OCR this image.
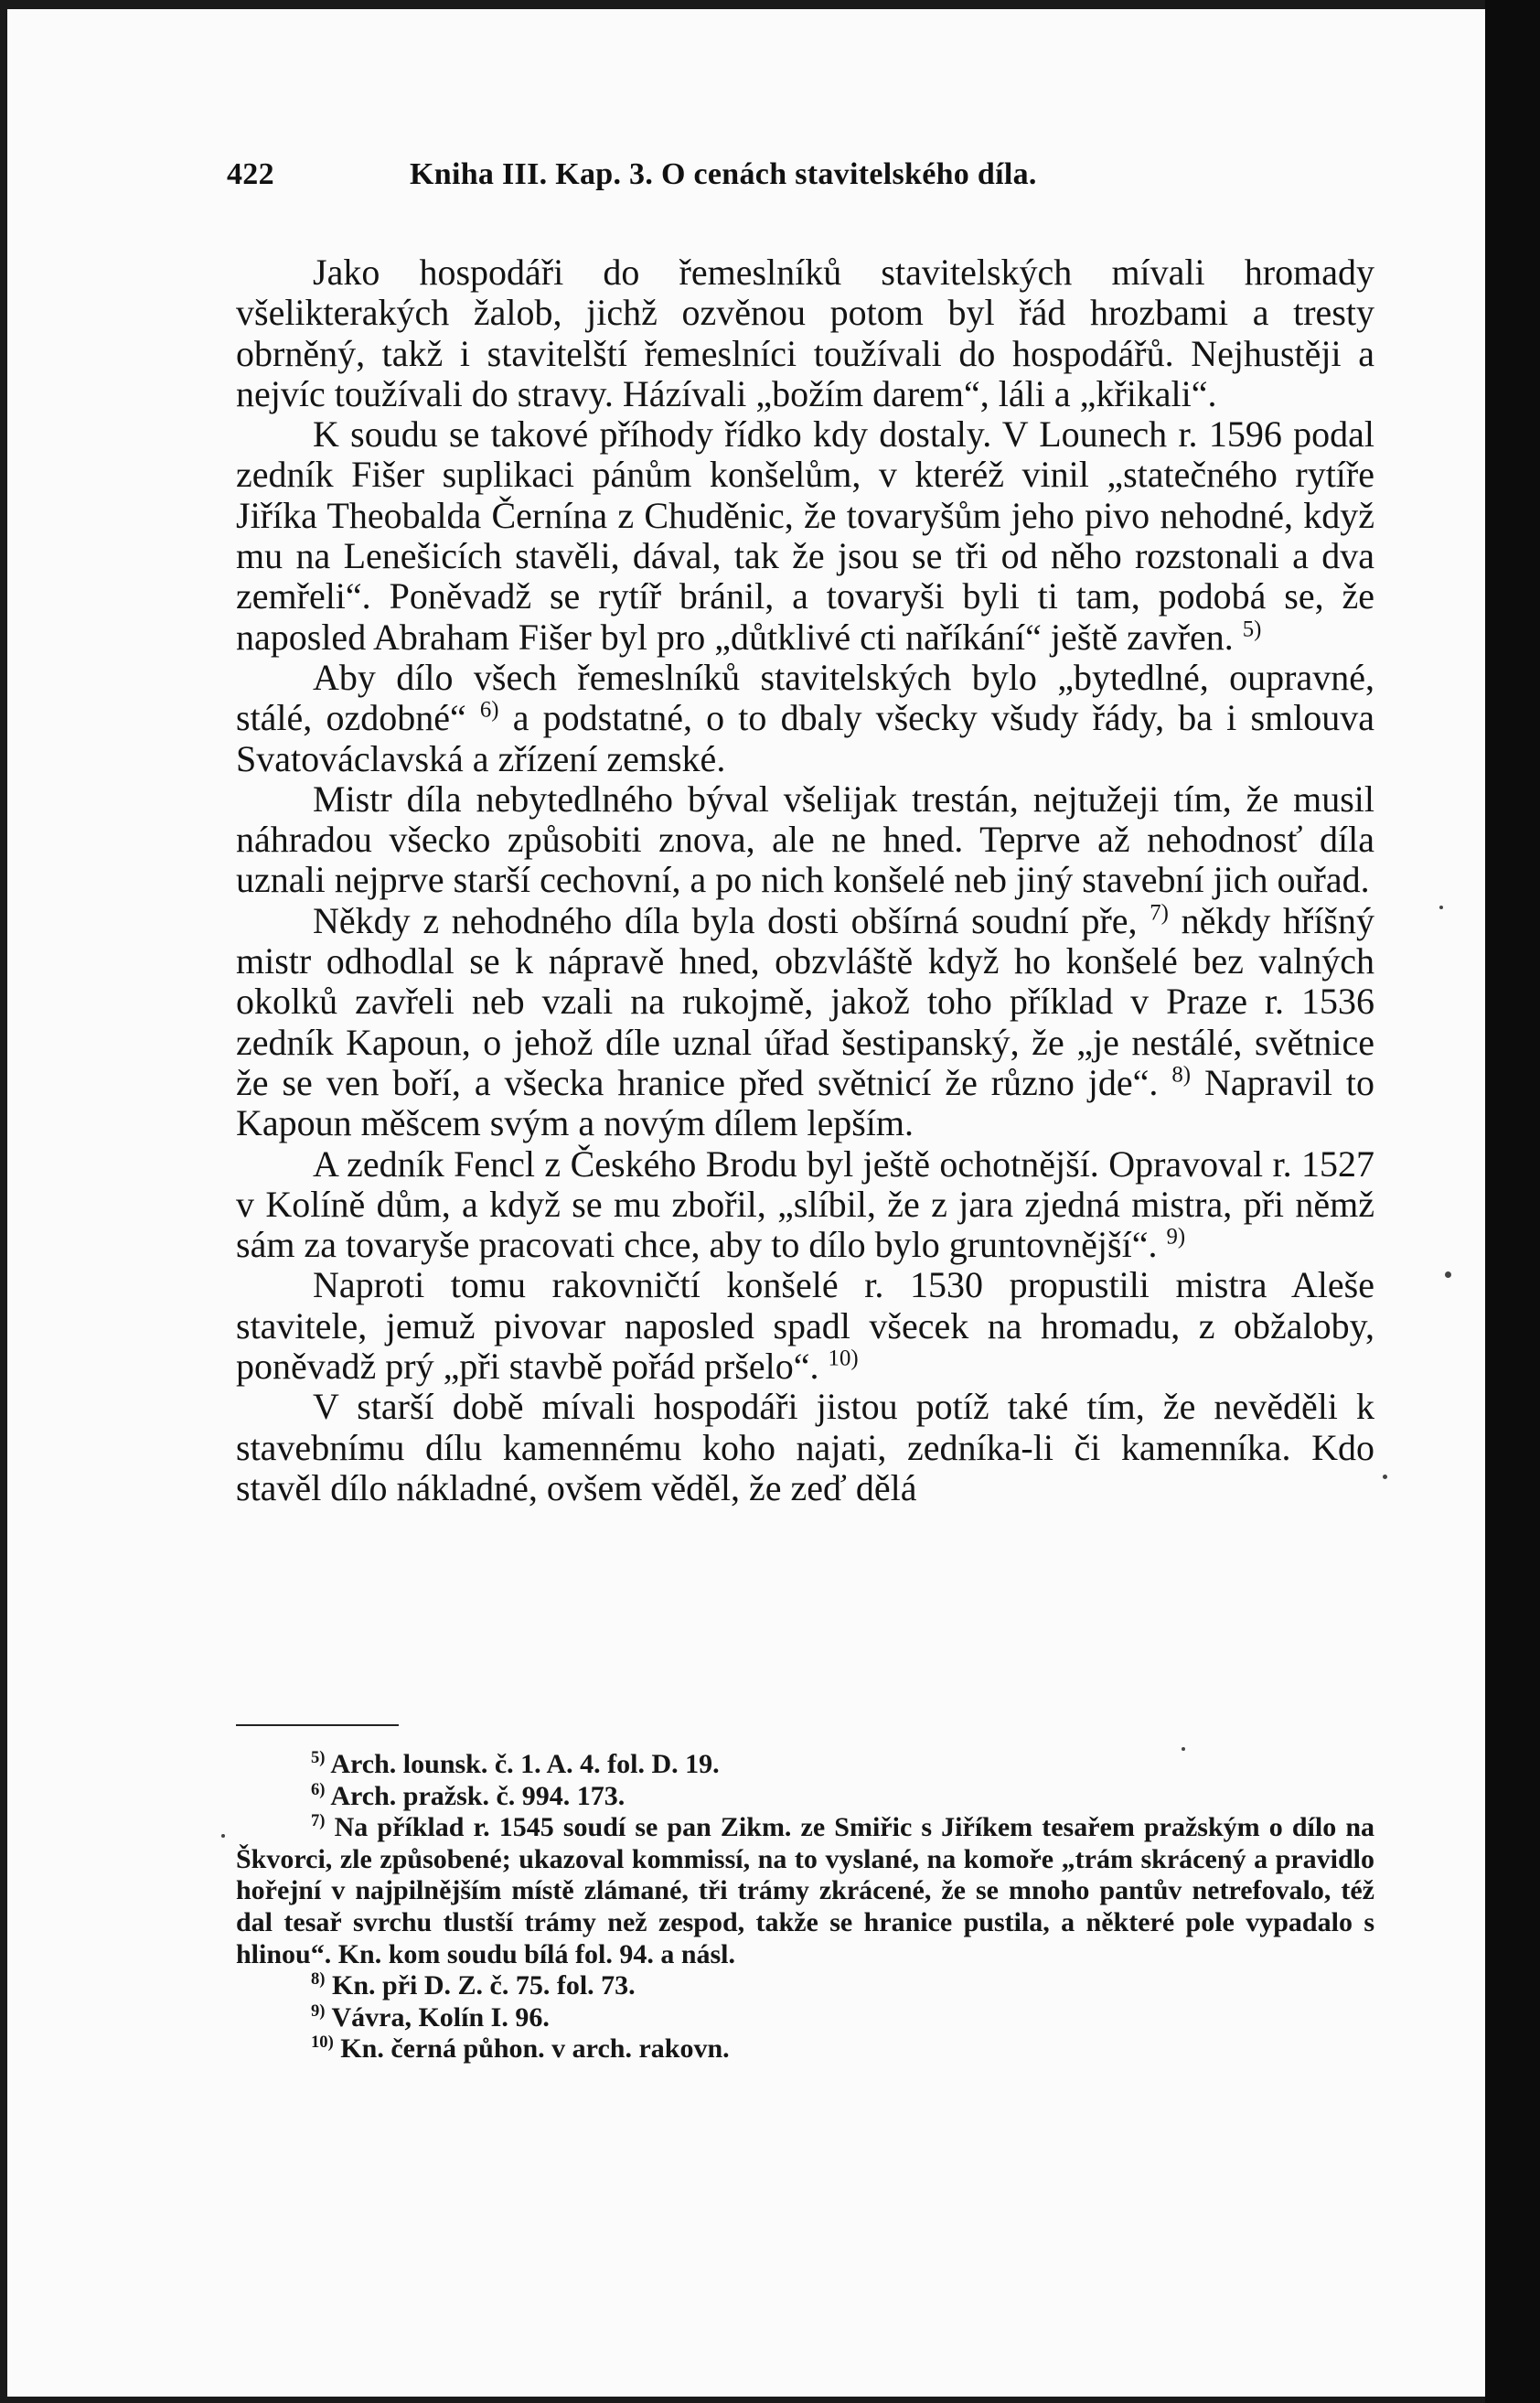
422	Kniha III. Kap. 3. O cenách stavitelského díla.

Jako hospodáři do řemeslníků stavitelských mívali hromady všelikterakých žalob, jichž ozvěnou potom byl řád hrozbami a tresty obrněný, takž i stavitelští řemeslníci toužívali do hospodářů. Nejhustěji a nejvíc toužívali do stravy. Házívali „božím darem“, láli a „křikali“.

K soudu se takové příhody řídko kdy dostaly. V Lounech r. 1596 podal zedník Fišer suplikaci pánům konšelům, v kteréž vinil „statečného rytíře Jiříka Theobalda Černína z Chuděnic, že tovaryšům jeho pivo nehodné, když mu na Lenešicích stavěli, dával, tak že jsou se tři od něho rozstonali a dva zemřeli“. Poněvadž se rytíř bránil, a tovaryši byli ti tam, podobá se, že naposled Abraham Fišer byl pro „důtklivé cti naříkání“ ještě zavřen. $^{5)}$

Aby dílo všech řemeslníků stavitelských bylo „bytedlné, oupravné, stálé, ozdobné“ $^{6)}$ a podstatné, o to dbaly všecky všudy řády, ba i smlouva Svatováclavská a zřízení zemské.

Mistr díla nebytedlného býval všelijak trestán, nejtužeji tím, že musil náhradou všecko způsobiti znova, ale ne hned. Teprve až nehodnosť díla uznali nejprve starší cechovní, a po nich konšelé neb jiný stavební jich ouřad.

Někdy z nehodného díla byla dosti obšírná soudní pře, $^{7)}$ někdy hříšný mistr odhodlal se k nápravě hned, obzvláště když ho konšelé bez valných okolků zavřeli neb vzali na rukojmě, jakož toho příklad v Praze r. 1536 zedník Kapoun, o jehož díle uznal úřad šestipanský, že „je nestálé, světnice že se ven boří, a všecka hranice před světnicí že různo jde“. $^{8)}$ Napravil to Kapoun měšcem svým a novým dílem lepším.

A zedník Fencl z Českého Brodu byl ještě ochotnější. Opravoval r. 1527 v Kolíně dům, a když se mu zbořil, „slíbil, že z jara zjedná mistra, při němž sám za tovaryše pracovati chce, aby to dílo bylo gruntovnější“. $^{9)}$

Naproti tomu rakovničtí konšelé r. 1530 propustili mistra Aleše stavitele, jemuž pivovar naposled spadl všecek na hromadu, z obžaloby, poněvadž prý „při stavbě pořád pršelo“. $^{10)}$

V starší době mívali hospodáři jistou potíž také tím, že nevěděli k stavebnímu dílu kamennému koho najati, zedníka-li či kamenníka. Kdo stavěl dílo nákladné, ovšem věděl, že zeď dělá

$^{5)}$ Arch. lounsk. č. 1. A. 4. fol. D. 19.

$^{6)}$ Arch. pražsk. č. 994. 173.

$^{7)}$ Na příklad r. 1545 soudí se pan Zikm. ze Smiřic s Jiříkem tesařem pražským o dílo na Škvorci, zle způsobené; ukazoval kommissí, na to vyslané, na komoře „trám skrácený a pravidlo hořejní v najpilnějším místě zlámané, tři trámy zkrácené, že se mnoho pantův netrefovalo, též dal tesař svrchu tlustší trámy než zespod, takže se hranice pustila, a některé pole vypadalo s hlinou“. Kn. kom soudu bílá fol. 94. a násl.

$^{8)}$ Kn. při D. Z. č. 75. fol. 73.

$^{9)}$ Vávra, Kolín I. 96.

$^{10)}$ Kn. černá půhon. v arch. rakovn.
